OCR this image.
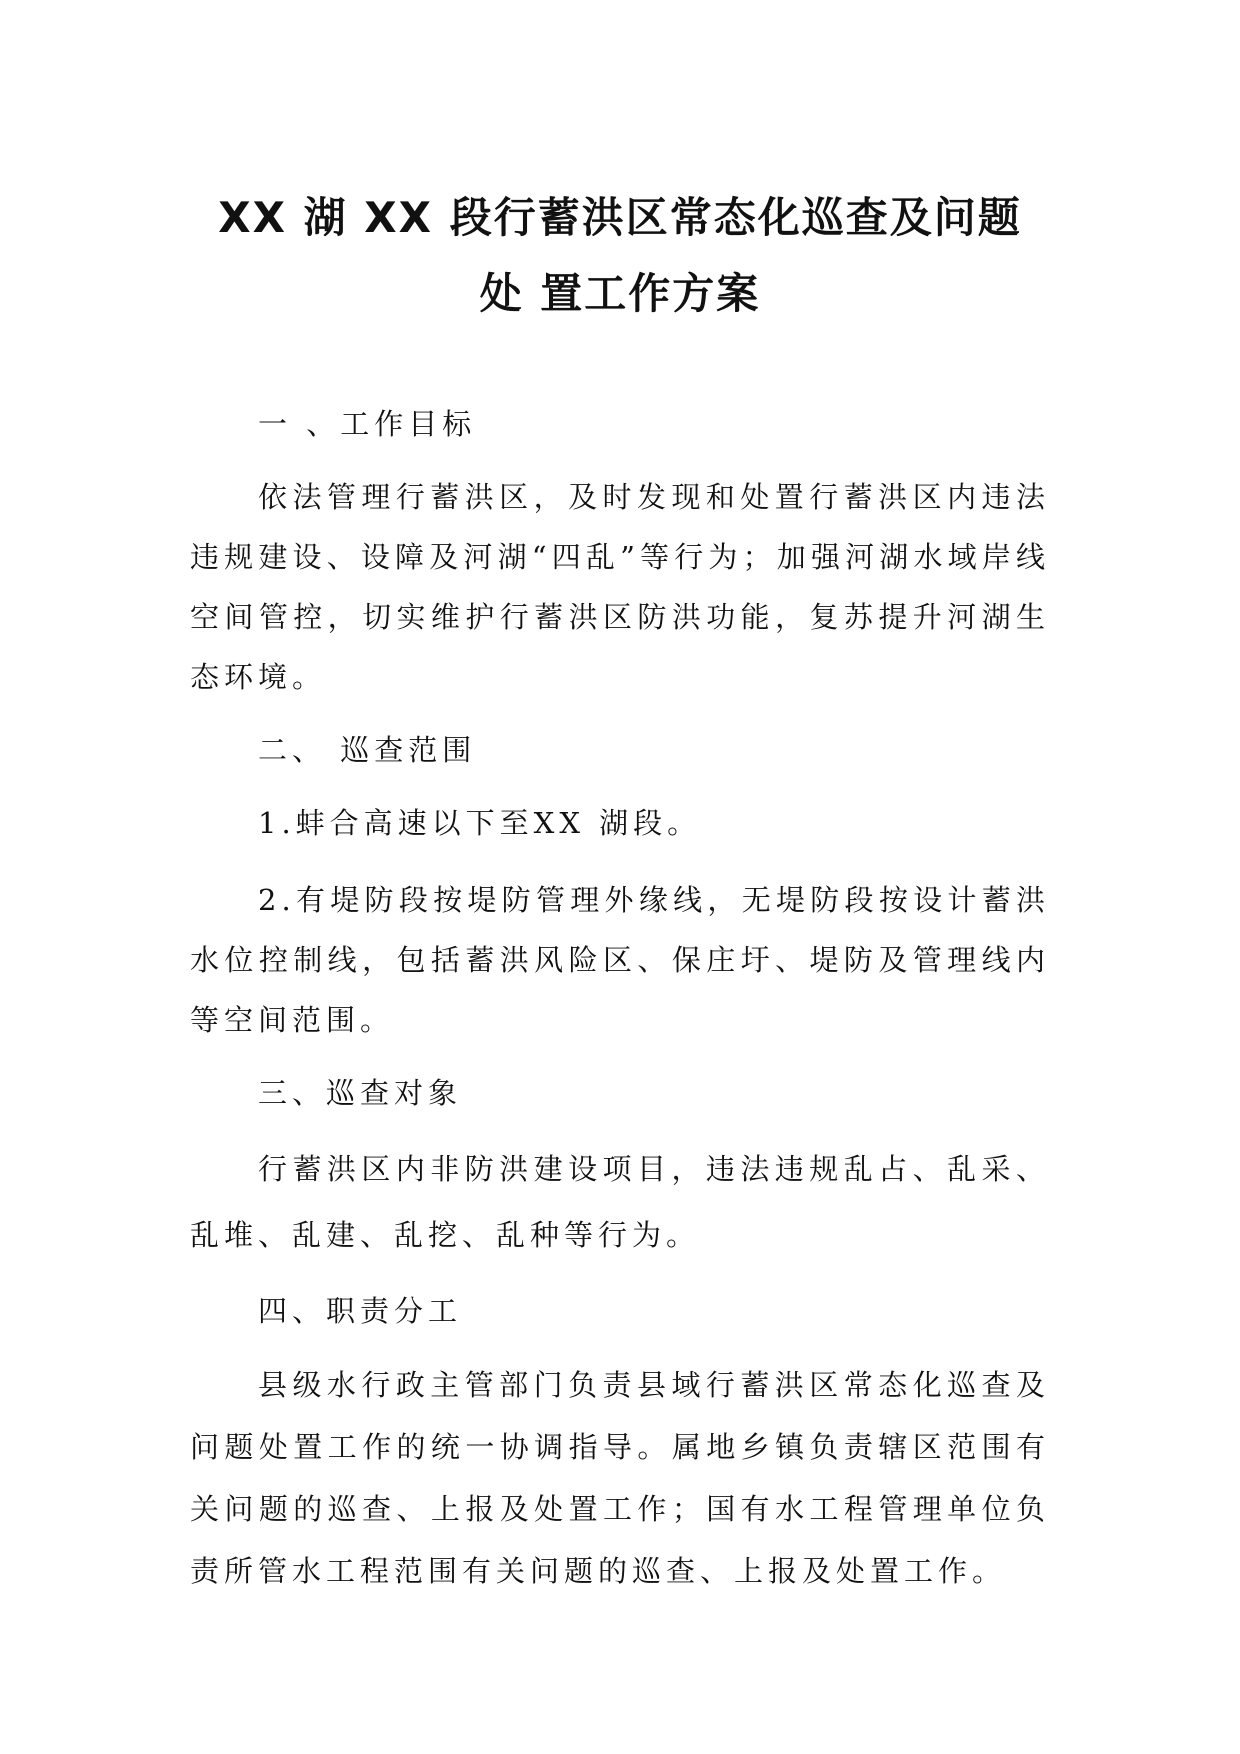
XX 湖 XX 段行蓄洪区常态化巡查及问题
处 置工作方案
一 、工作目标

依法管理行蓄洪区，及时发现和处置行蓄洪区内违法违规建设、设障及河湖“四乱”等行为；加强河湖水域岸线空间管控，切实维护行蓄洪区防洪功能，复苏提升河湖生态环境。

二、 巡查范围

1.蚌合高速以下至XX 湖段。

2.有堤防段按堤防管理外缘线，无堤防段按设计蓄洪水位控制线，包括蓄洪风险区、保庄圩、堤防及管理线内等空间范围。

三、巡查对象

行蓄洪区内非防洪建设项目，违法违规乱占、乱采、乱堆、乱建、乱挖、乱种等行为。

四、职责分工

县级水行政主管部门负责县域行蓄洪区常态化巡查及问题处置工作的统一协调指导。属地乡镇负责辖区范围有关问题的巡查、上报及处置工作；国有水工程管理单位负责所管水工程范围有关问题的巡查、上报及处置工作。
